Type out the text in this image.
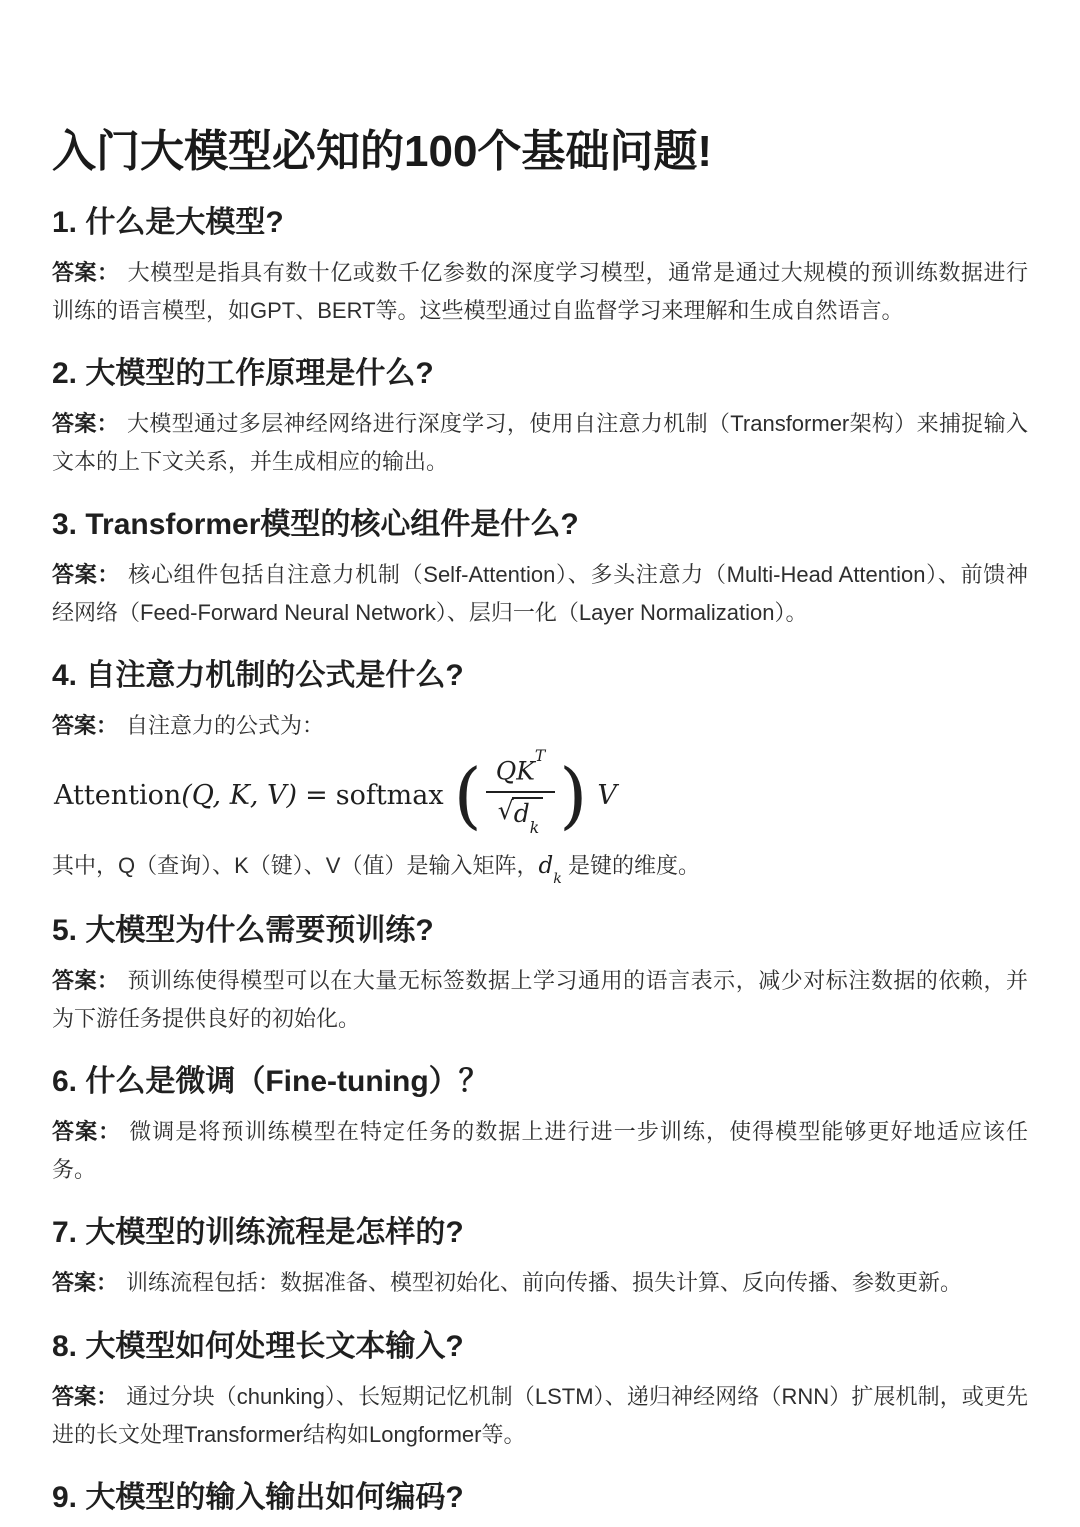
入门大模型必知的100个基础问题!
1. 什么是大模型?

答案： 大模型是指具有数十亿或数千亿参数的深度学习模型，通常是通过大规模的预训练数据进行训练的语言模型，如GPT、BERT等。这些模型通过自监督学习来理解和生成自然语言。

2. 大模型的工作原理是什么?

答案： 大模型通过多层神经网络进行深度学习，使用自注意力机制（Transformer架构）来捕捉输入文本的上下文关系，并生成相应的输出。

3. Transformer模型的核心组件是什么?

答案： 核心组件包括自注意力机制（Self-Attention）、多头注意力（Multi-Head Attention）、前馈神经网络（Feed-Forward Neural Network）、层归一化（Layer Normalization）。

4. 自注意力机制的公式是什么?

答案： 自注意力的公式为：

Attention (Q, K, V) = softmax ( $\frac{QK^T}{√ d_k}$ ) V

其中，Q（查询）、K（键）、V（值）是输入矩阵，$d_k$ 是键的维度。

5. 大模型为什么需要预训练?

答案： 预训练使得模型可以在大量无标签数据上学习通用的语言表示，减少对标注数据的依赖，并为下游任务提供良好的初始化。

6. 什么是微调（Fine-tuning）？

答案： 微调是将预训练模型在特定任务的数据上进行进一步训练，使得模型能够更好地适应该任务。

7. 大模型的训练流程是怎样的?

答案： 训练流程包括：数据准备、模型初始化、前向传播、损失计算、反向传播、参数更新。

8. 大模型如何处理长文本输入?

答案： 通过分块（chunking）、长短期记忆机制（LSTM）、递归神经网络（RNN）扩展机制，或更先进的长文处理Transformer结构如Longformer等。

9. 大模型的输入输出如何编码?
